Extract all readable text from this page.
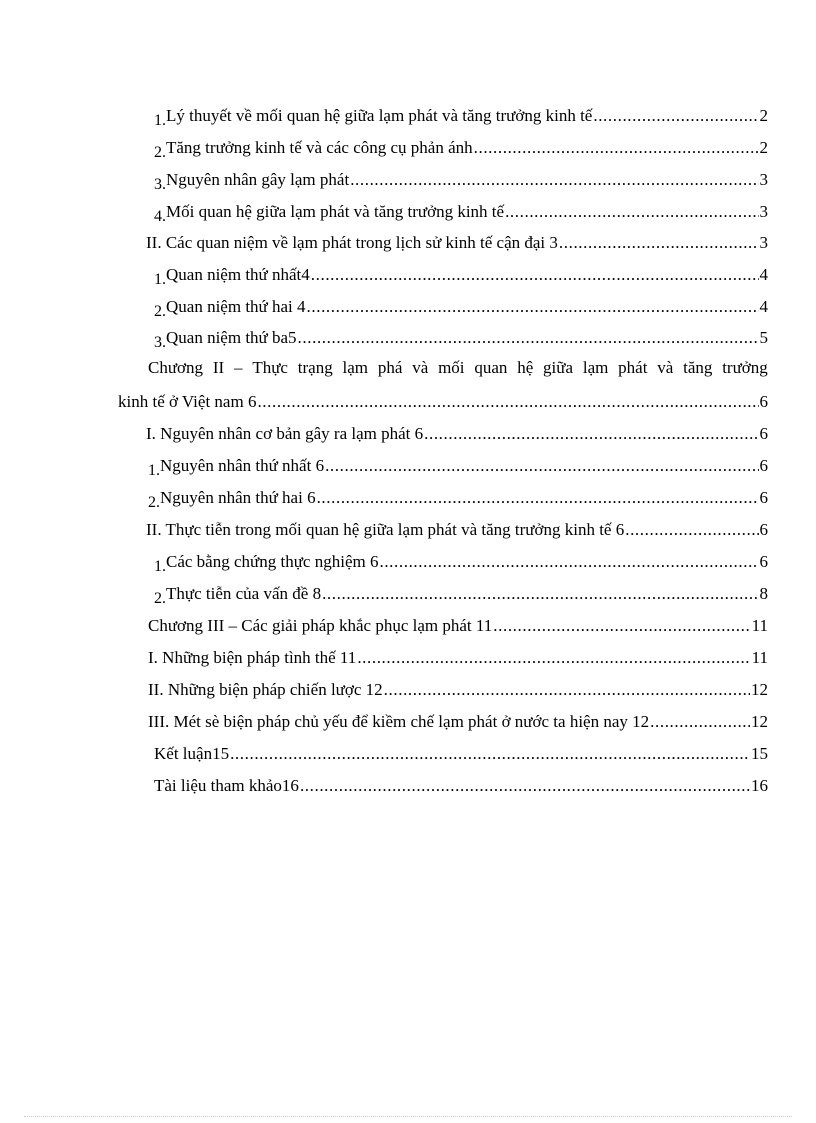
1. Lý thuyết về mối quan hệ giữa lạm phát và tăng trưởng kinh tế .....	2
2. Tăng trưởng kinh tế và các công cụ phản ánh .....	2
3. Nguyên nhân gây lạm phát .....	3
4. Mối quan hệ giữa lạm phát và tăng trưởng kinh tế .....	3
II. Các quan niệm về lạm phát trong lịch sử kinh tế cận đại 3 .....	3
1. Quan niệm thứ nhất4 .....	4
2. Quan niệm thứ hai 4 .....	4
3. Quan niệm thứ ba5 .....	5
Chương II – Thực trạng lạm phá và mối quan hệ giữa lạm phát và tăng trưởng
kinh tế ở Việt nam 6 .....	6
I. Nguyên nhân cơ bản gây ra lạm phát 6 .....	6
1. Nguyên nhân thứ nhất 6 .....	6
2. Nguyên nhân thứ hai 6 .....	6
II. Thực tiễn trong mối quan hệ giữa lạm phát và tăng trưởng kinh tế 6 .....	6
1. Các bằng chứng thực nghiệm 6 .....	6
2. Thực tiễn của vấn đề 8 .....	8
Chương III – Các giải pháp khắc phục lạm phát 11 .....	11
I. Những biện pháp tình thế 11 .....	11
II. Những biện pháp chiến lược 12 .....	12
III. Mét sè biện pháp chủ yếu để kiềm chế lạm phát ở nước ta hiện nay 12 .....	12
Kết luận15 .....	15
Tài liệu tham khảo16 .....	16
